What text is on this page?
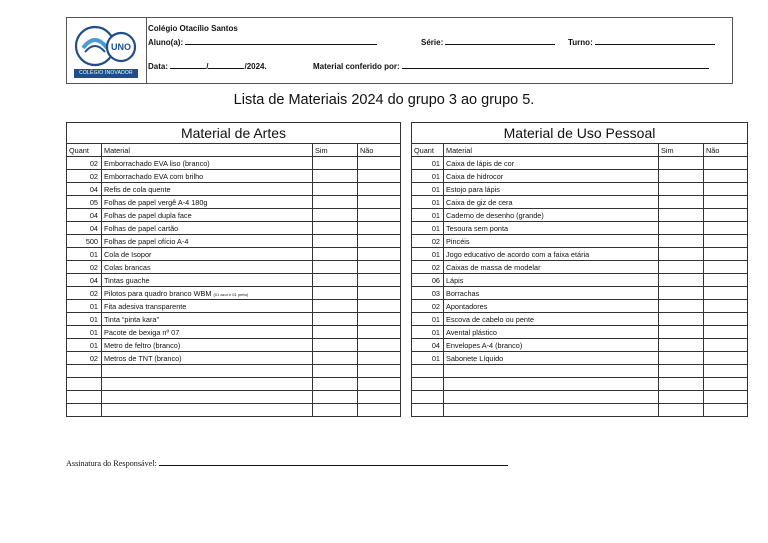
UNO
COLÉGIO INOVADOR
Colégio Otacílio Santos
Aluno(a):	Série:	Turno:
Data:	/	/2024.	Material conferido por:
Lista de Materiais 2024 do grupo 3 ao grupo 5.
Material de Artes			
Quant	Material	Sim	Não
02	Emborrachado EVA liso (branco)		
02	Emborrachado EVA com brilho		
04	Refis de cola quente		
05	Folhas de papel vergê A-4 180g		
04	Folhas de papel dupla face		
04	Folhas de papel cartão		
500	Folhas de papel ofício A-4		
01	Cola de Isopor		
02	Colas brancas		
04	Tintas guache		
02	Pilotos para quadro branco WBM (01 azul e 01 preto)		
01	Fita adesiva transparente		
01	Tinta “pinta kara”		
01	Pacote de bexiga nº 07		
01	Metro de feltro (branco)		
02	Metros de TNT (branco)		

Material de Uso Pessoal			
Quant	Material	Sim	Não
01	Caixa de lápis de cor		
01	Caixa de hidrocor		
01	Estojo para lápis		
01	Caixa de giz de cera		
01	Caderno de desenho (grande)		
01	Tesoura sem ponta		
02	Pincéis		
01	Jogo educativo de acordo com a faixa etária		
02	Caixas de massa de modelar		
06	Lápis		
03	Borrachas		
02	Apontadores		
01	Escova de cabelo ou pente		
01	Avental plástico		
04	Envelopes A-4 (branco)		
01	Sabonete Líquido		

Assinatura do Responsável:
